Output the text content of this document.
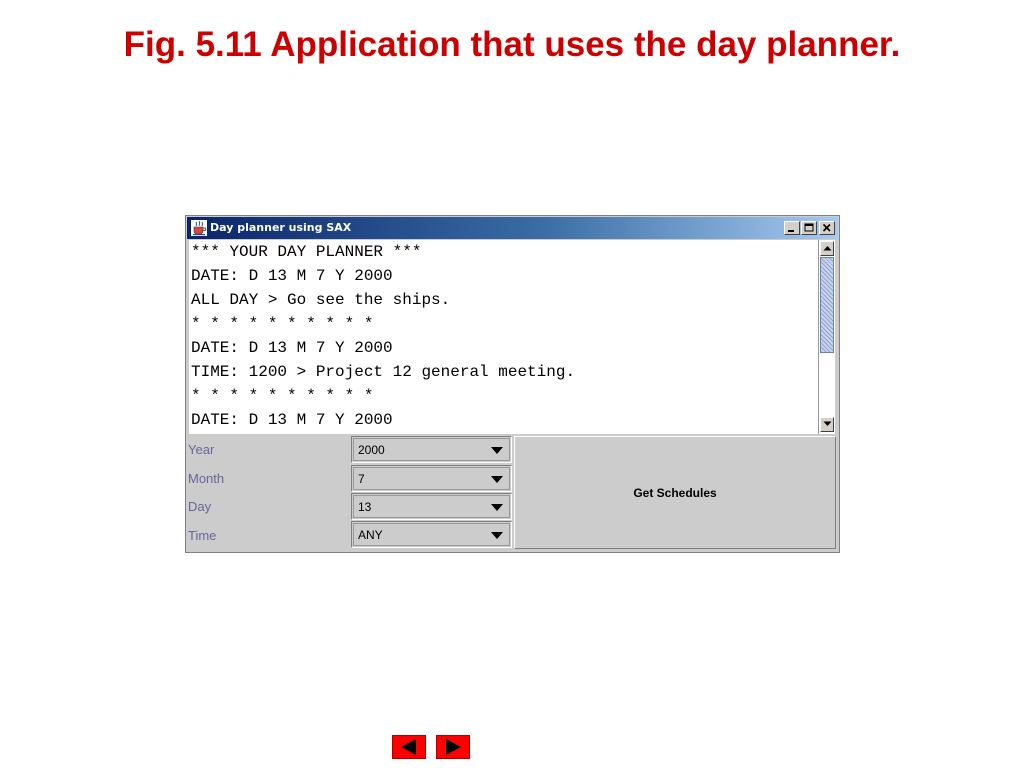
Fig. 5.11 Application that uses the day planner.
Day planner using SAX
*** YOUR DAY PLANNER ***
DATE: D 13 M 7 Y 2000
ALL DAY > Go see the ships.
* * * * * * * * * *
DATE: D 13 M 7 Y 2000
TIME: 1200 > Project 12 general meeting.
* * * * * * * * * *
DATE: D 13 M 7 Y 2000
Year
Month
Day
Time
2000
7
13
ANY
Get Schedules
